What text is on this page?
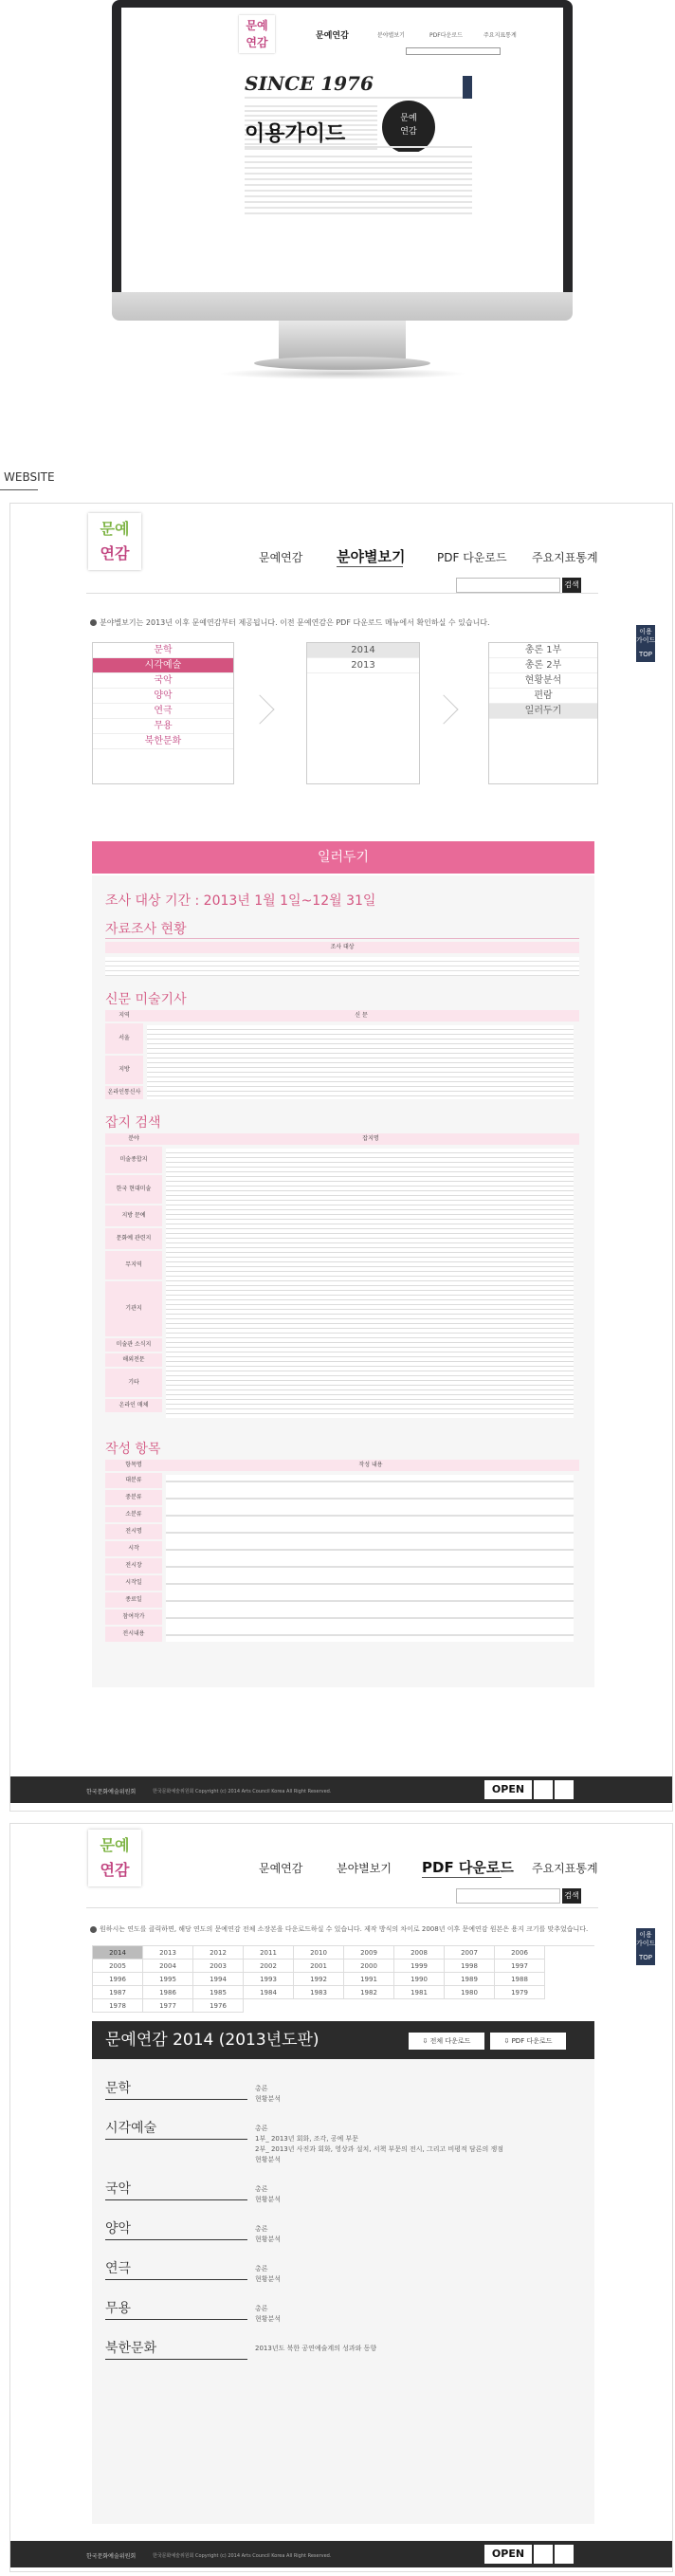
문예
연감	문예연감	분야별보기	PDF다운로드	주요지표통계
SINCE 1976
문예
연감
이용가이드
WEBSITE
문예
연감	문예연감 분야별보기	PDF 다운로드 주요지표통계
검색
이용
가이드
TOP
분야별보기는 2013년 이후 문예연감부터 제공됩니다. 이전 문예연감은 PDF 다운로드 메뉴에서 확인하실 수 있습니다.
문학
시각예술
국악
양악
연극
무용
북한문화
2014
2013
총론 1부
총론 2부
현황분석
편람
일러두기
일러두기
조사 대상 기간 : 2013년 1월 1일~12월 31일
자료조사 현황
조사 대상
신문 미술기사
지역	신 문
서울
지방
온라인통신사
잡지 검색
분야	잡지명
미술종합지
한국 현대미술
지방 문예
문화예 관련지
무지역
기관지
미술관 소식지
해외전문
기타
온라인 매체
작성 항목
항목명	작성 내용
대분류
중분류
소분류
전시명
시작
전시장
시작일
종료일
참여작가
전시내용
한국문화예술위원회	한국문화예술위원회 Copyright (c) 2014 Arts Council Korea All Right Reserved.	OPEN
문예
연감	문예연감	분야별보기 PDF 다운로드 주요지표통계
검색
이용
가이드
TOP
원하시는 연도를 클릭하면, 해당 연도의 문예연감 전체 소장본을 다운로드하실 수 있습니다. 제작 방식의 차이로 2008년 이후 문예연감 원본은 용지 크기를 맞추었습니다.
2014	2013	2012	2011	2010	2009	2008	2007	2006
2005	2004	2003	2002	2001	2000	1999	1998	1997
1996	1995	1994	1993	1992	1991	1990	1989	1988
1987	1986	1985	1984	1983	1982	1981	1980	1979
1978	1977	1976
문예연감 2014 (2013년도판)	⇩ 전체 다운로드	⇩ PDF 다운로드
문학	총론
현황분석
시각예술	총론
1부_ 2013년 회화, 조각, 공예 부문
2부_ 2013년 사진과 회화, 영상과 설치, 서책 부문의 전시, 그리고 비평적 담론의 쟁점
현황분석
국악	총론
현황분석
양악	총론
현황분석
연극	총론
현황분석
무용	총론
현황분석
북한문화	2013년도 북한 공연예술계의 성과와 동향
한국문화예술위원회	한국문화예술위원회 Copyright (c) 2014 Arts Council Korea All Right Reserved.	OPEN
